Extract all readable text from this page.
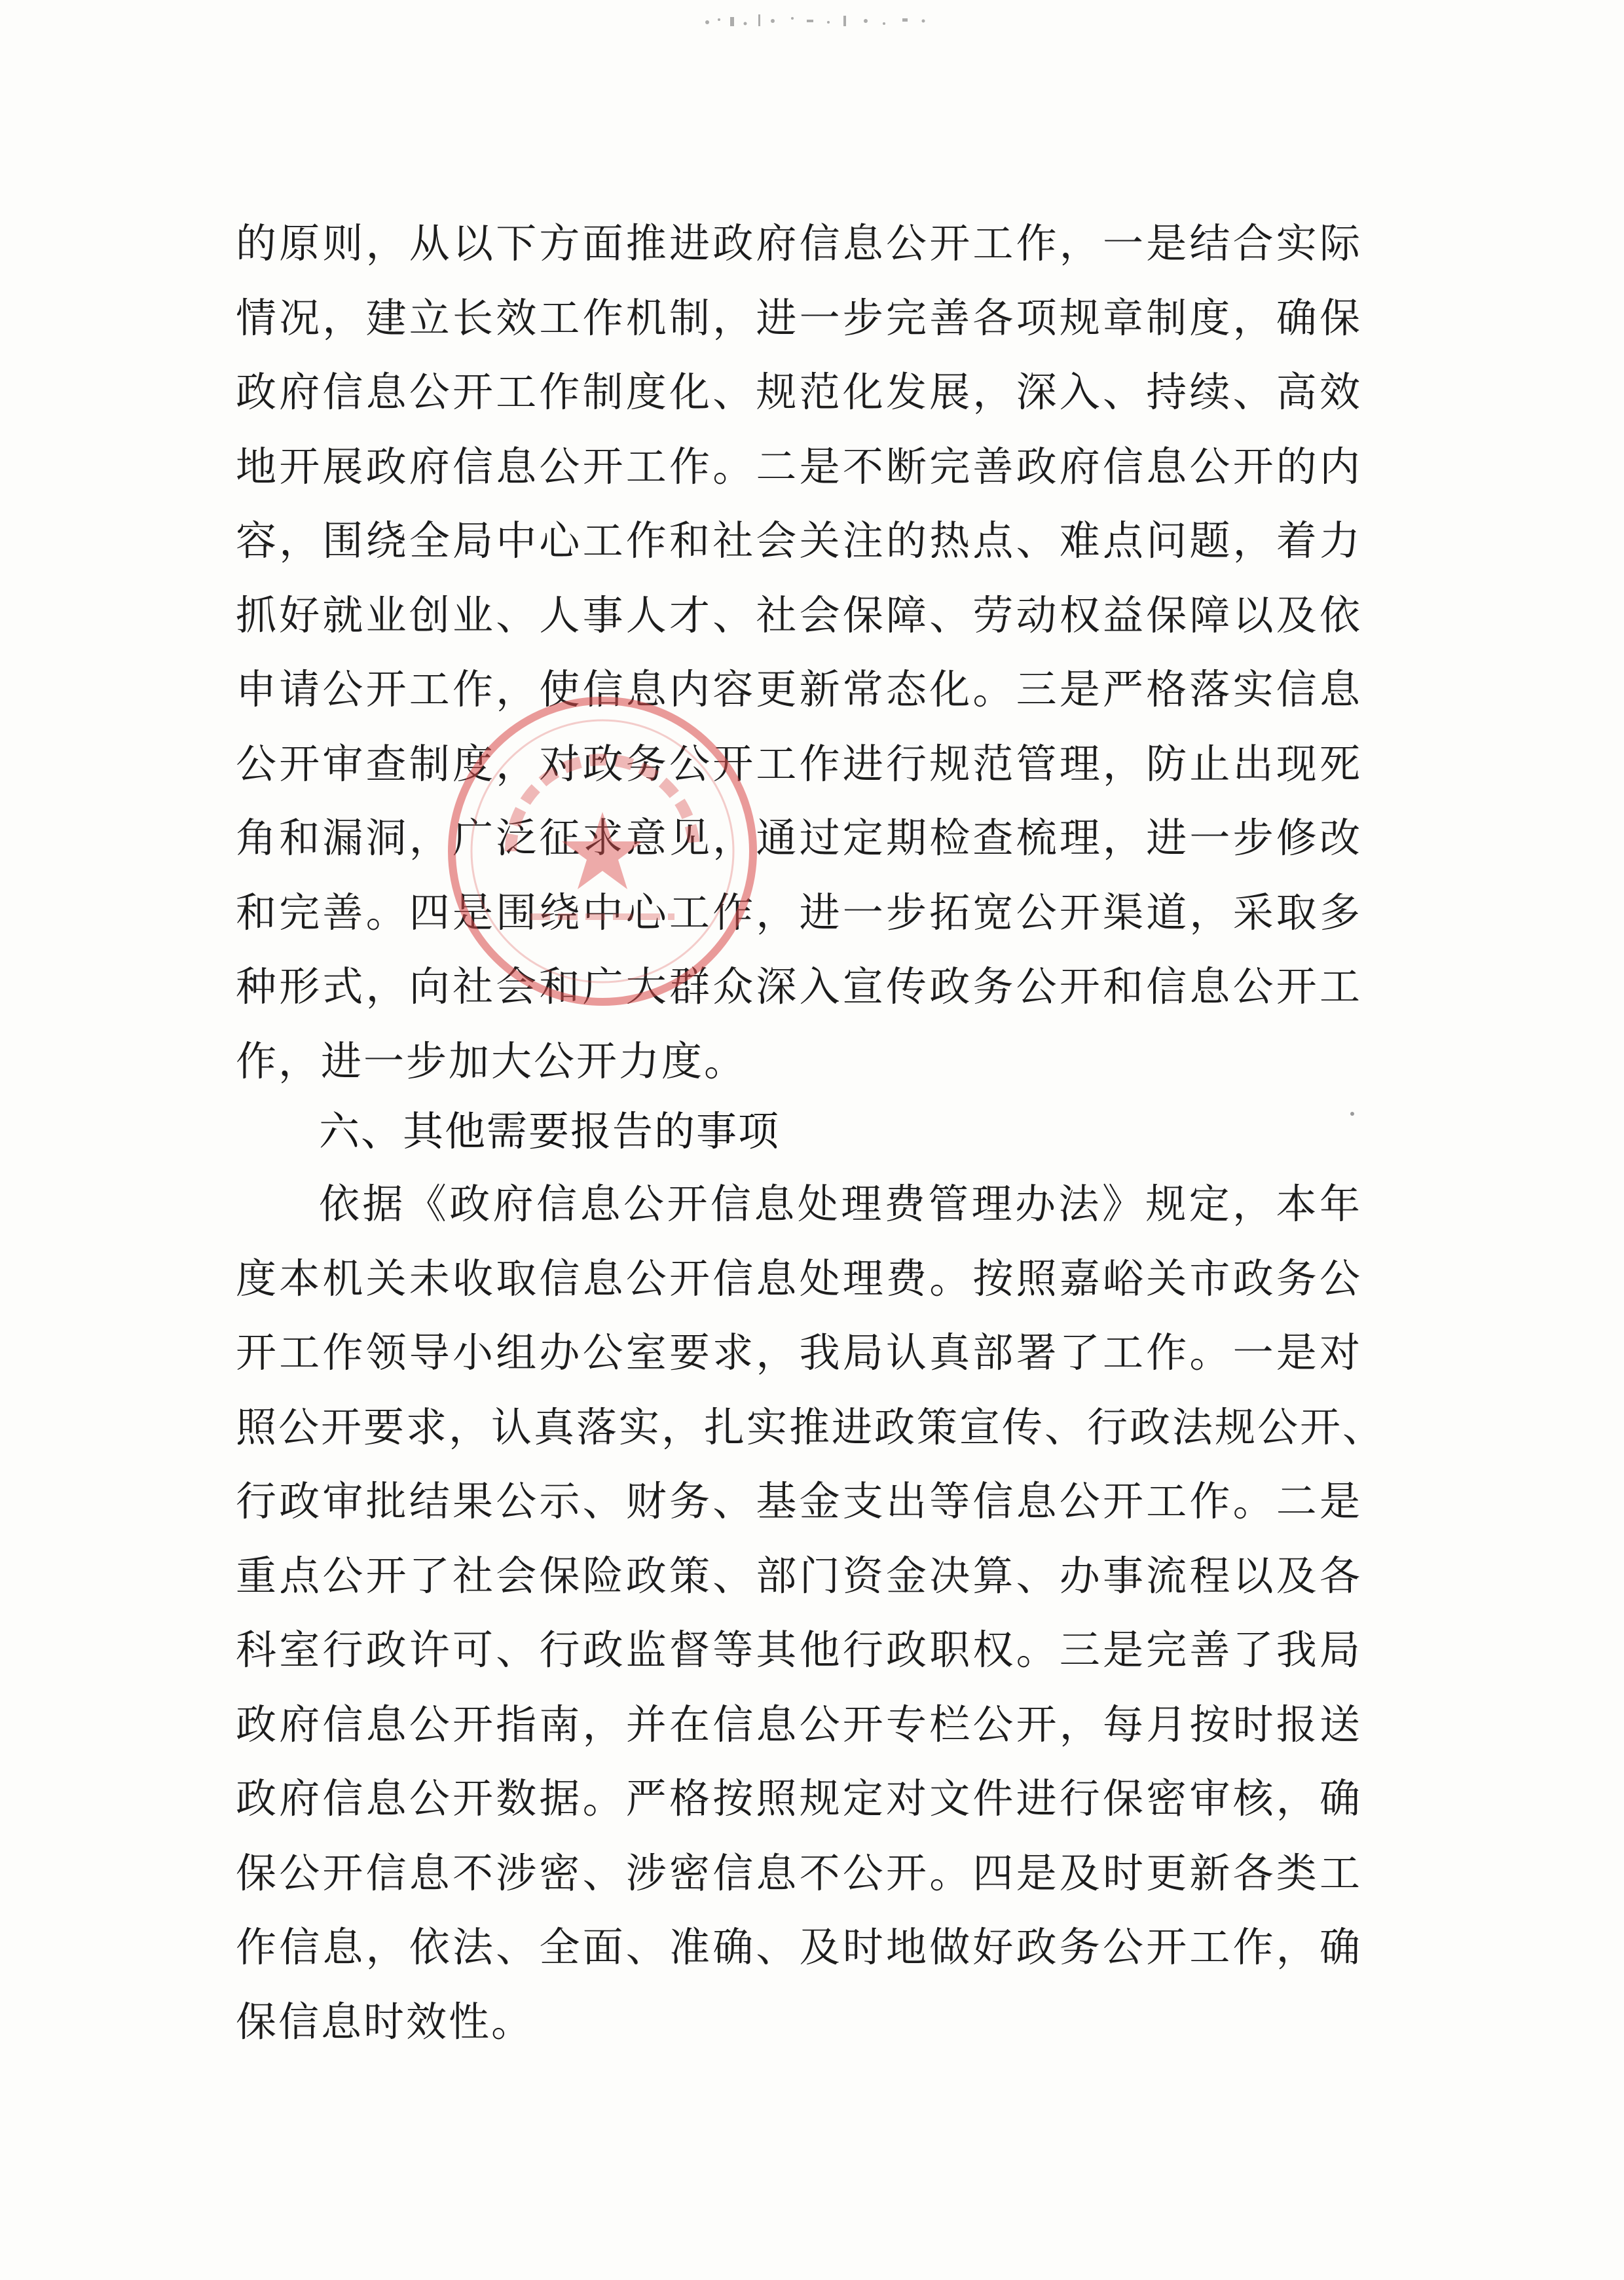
的原则，从以下方面推进政府信息公开工作，一是结合实际
情况，建立长效工作机制，进一步完善各项规章制度，确保
政府信息公开工作制度化、规范化发展，深入、持续、高效
地开展政府信息公开工作。二是不断完善政府信息公开的内
容，围绕全局中心工作和社会关注的热点、难点问题，着力
抓好就业创业、人事人才、社会保障、劳动权益保障以及依
申请公开工作，使信息内容更新常态化。三是严格落实信息
公开审查制度，对政务公开工作进行规范管理，防止出现死
角和漏洞，广泛征求意见，通过定期检查梳理，进一步修改
和完善。四是围绕中心工作，进一步拓宽公开渠道，采取多
种形式，向社会和广大群众深入宣传政务公开和信息公开工
作，进一步加大公开力度。
六、其他需要报告的事项
依据《政府信息公开信息处理费管理办法》规定，本年
度本机关未收取信息公开信息处理费。按照嘉峪关市政务公
开工作领导小组办公室要求，我局认真部署了工作。一是对
照公开要求，认真落实，扎实推进政策宣传、行政法规公开、
行政审批结果公示、财务、基金支出等信息公开工作。二是
重点公开了社会保险政策、部门资金决算、办事流程以及各
科室行政许可、行政监督等其他行政职权。三是完善了我局
政府信息公开指南，并在信息公开专栏公开，每月按时报送
政府信息公开数据。严格按照规定对文件进行保密审核，确
保公开信息不涉密、涉密信息不公开。四是及时更新各类工
作信息，依法、全面、准确、及时地做好政务公开工作，确
保信息时效性。
